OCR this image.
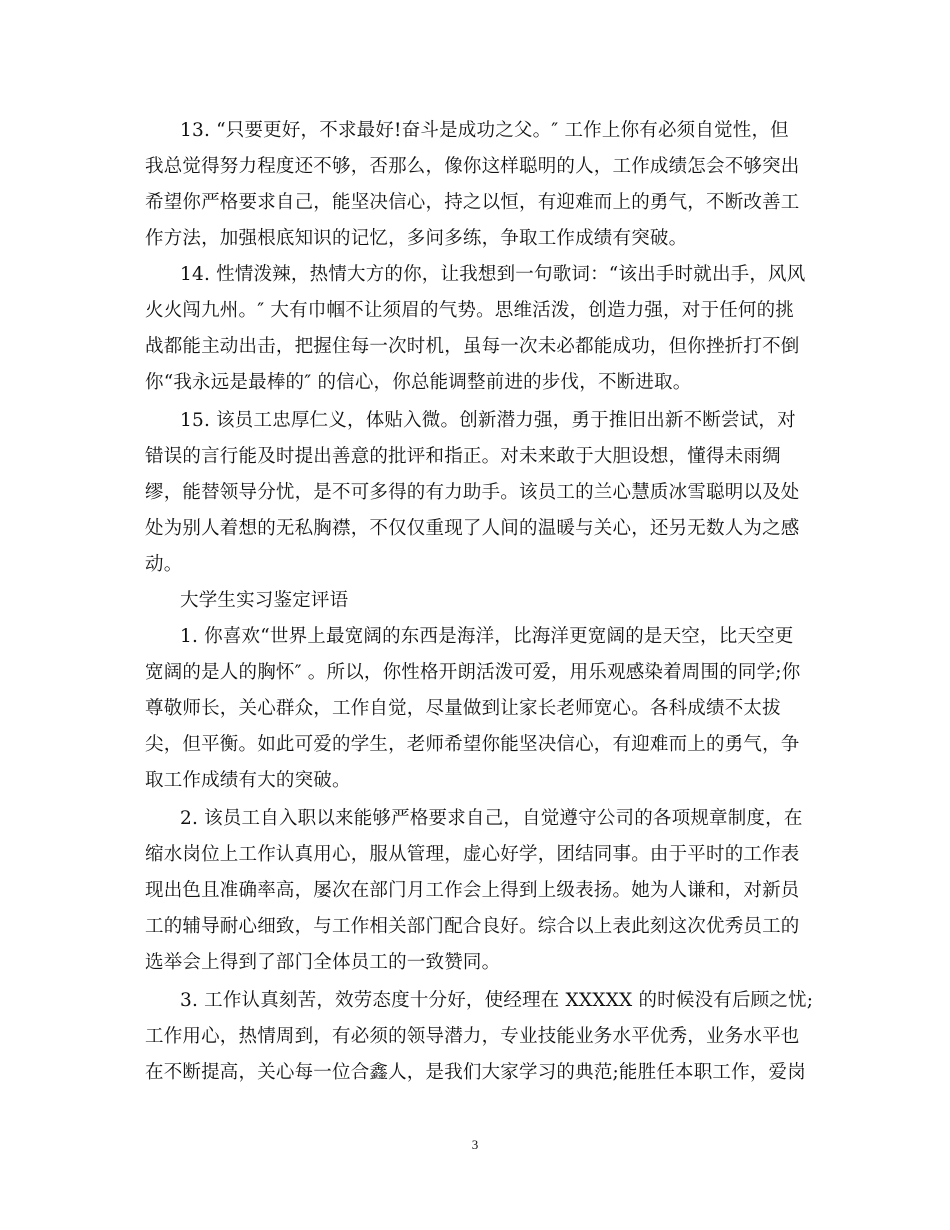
13. “只要更好，不求最好!奋斗是成功之父。″ 工作上你有必须自觉性，但
我总觉得努力程度还不够，否那么，像你这样聪明的人，工作成绩怎会不够突出
希望你严格要求自己，能坚决信心，持之以恒，有迎难而上的勇气，不断改善工
作方法，加强根底知识的记忆，多问多练，争取工作成绩有突破。
14. 性情泼辣，热情大方的你，让我想到一句歌词：“该出手时就出手，风风
火火闯九州。″ 大有巾帼不让须眉的气势。思维活泼，创造力强，对于任何的挑
战都能主动出击，把握住每一次时机，虽每一次未必都能成功，但你挫折打不倒
你“我永远是最棒的″ 的信心，你总能调整前进的步伐，不断进取。
15. 该员工忠厚仁义，体贴入微。创新潜力强，勇于推旧出新不断尝试，对
错误的言行能及时提出善意的批评和指正。对未来敢于大胆设想，懂得未雨绸
缪，能替领导分忧，是不可多得的有力助手。该员工的兰心慧质冰雪聪明以及处
处为别人着想的无私胸襟，不仅仅重现了人间的温暖与关心，还另无数人为之感
动。
大学生实习鉴定评语
1. 你喜欢“世界上最宽阔的东西是海洋，比海洋更宽阔的是天空，比天空更
宽阔的是人的胸怀″ 。所以，你性格开朗活泼可爱，用乐观感染着周围的同学;你
尊敬师长，关心群众，工作自觉，尽量做到让家长老师宽心。各科成绩不太拔
尖，但平衡。如此可爱的学生，老师希望你能坚决信心，有迎难而上的勇气，争
取工作成绩有大的突破。
2. 该员工自入职以来能够严格要求自己，自觉遵守公司的各项规章制度，在
缩水岗位上工作认真用心，服从管理，虚心好学，团结同事。由于平时的工作表
现出色且准确率高，屡次在部门月工作会上得到上级表扬。她为人谦和，对新员
工的辅导耐心细致，与工作相关部门配合良好。综合以上表此刻这次优秀员工的
选举会上得到了部门全体员工的一致赞同。
3. 工作认真刻苦，效劳态度十分好，使经理在 XXXXX 的时候没有后顾之忧;
工作用心，热情周到，有必须的领导潜力，专业技能业务水平优秀，业务水平也
在不断提高，关心每一位合鑫人，是我们大家学习的典范;能胜任本职工作，爱岗
3
